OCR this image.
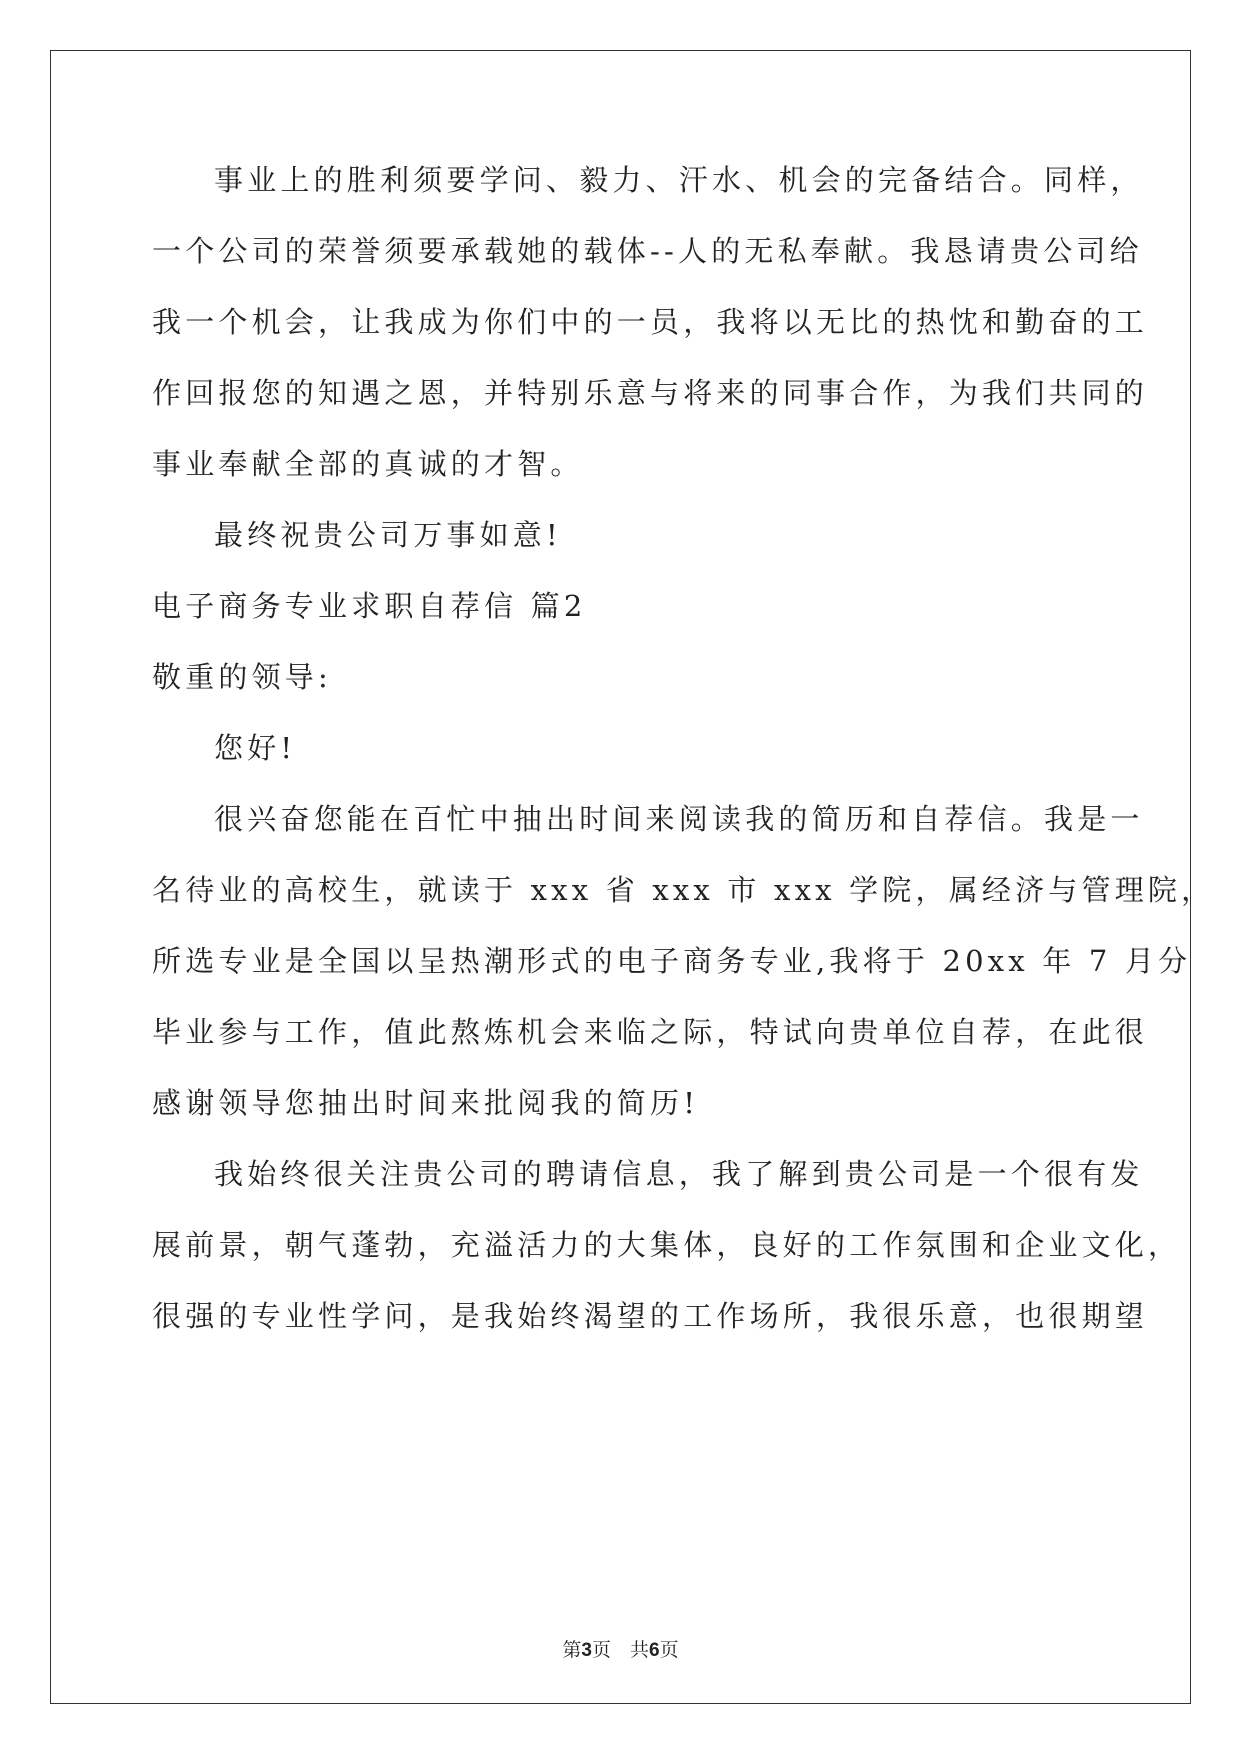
事业上的胜利须要学问、毅力、汗水、机会的完备结合。同样，
一个公司的荣誉须要承载她的载体--人的无私奉献。我恳请贵公司给
我一个机会，让我成为你们中的一员，我将以无比的热忱和勤奋的工
作回报您的知遇之恩，并特别乐意与将来的同事合作，为我们共同的
事业奉献全部的真诚的才智。
最终祝贵公司万事如意!
电子商务专业求职自荐信 篇2
敬重的领导:
您好!
很兴奋您能在百忙中抽出时间来阅读我的简历和自荐信。我是一
名待业的高校生，就读于 xxx 省 xxx 市 xxx 学院，属经济与管理院，
所选专业是全国以呈热潮形式的电子商务专业,我将于 20xx 年 7 月分
毕业参与工作，值此熬炼机会来临之际，特试向贵单位自荐，在此很
感谢领导您抽出时间来批阅我的简历!
我始终很关注贵公司的聘请信息，我了解到贵公司是一个很有发
展前景，朝气蓬勃，充溢活力的大集体，良好的工作氛围和企业文化，
很强的专业性学问，是我始终渴望的工作场所，我很乐意，也很期望
第3页 共6页
